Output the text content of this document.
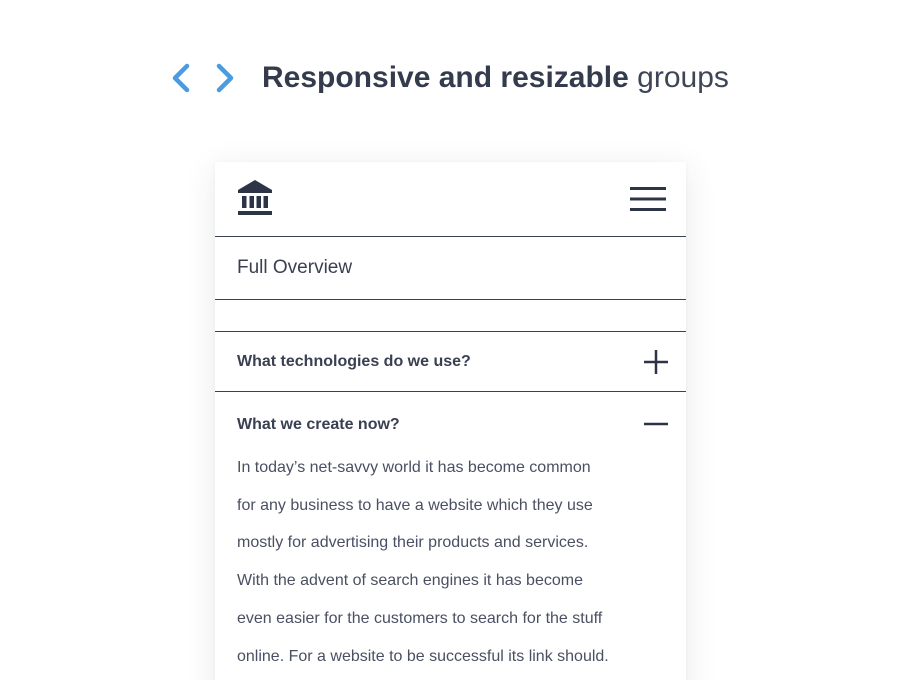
Responsive and resizable groups
Full Overview
What technologies do we use?
What we create now?
In today’s net-savvy world it has become common
for any business to have a website which they use
mostly for advertising their products and services.
With the advent of search engines it has become
even easier for the customers to search for the stuff
online. For a website to be successful its link should.
